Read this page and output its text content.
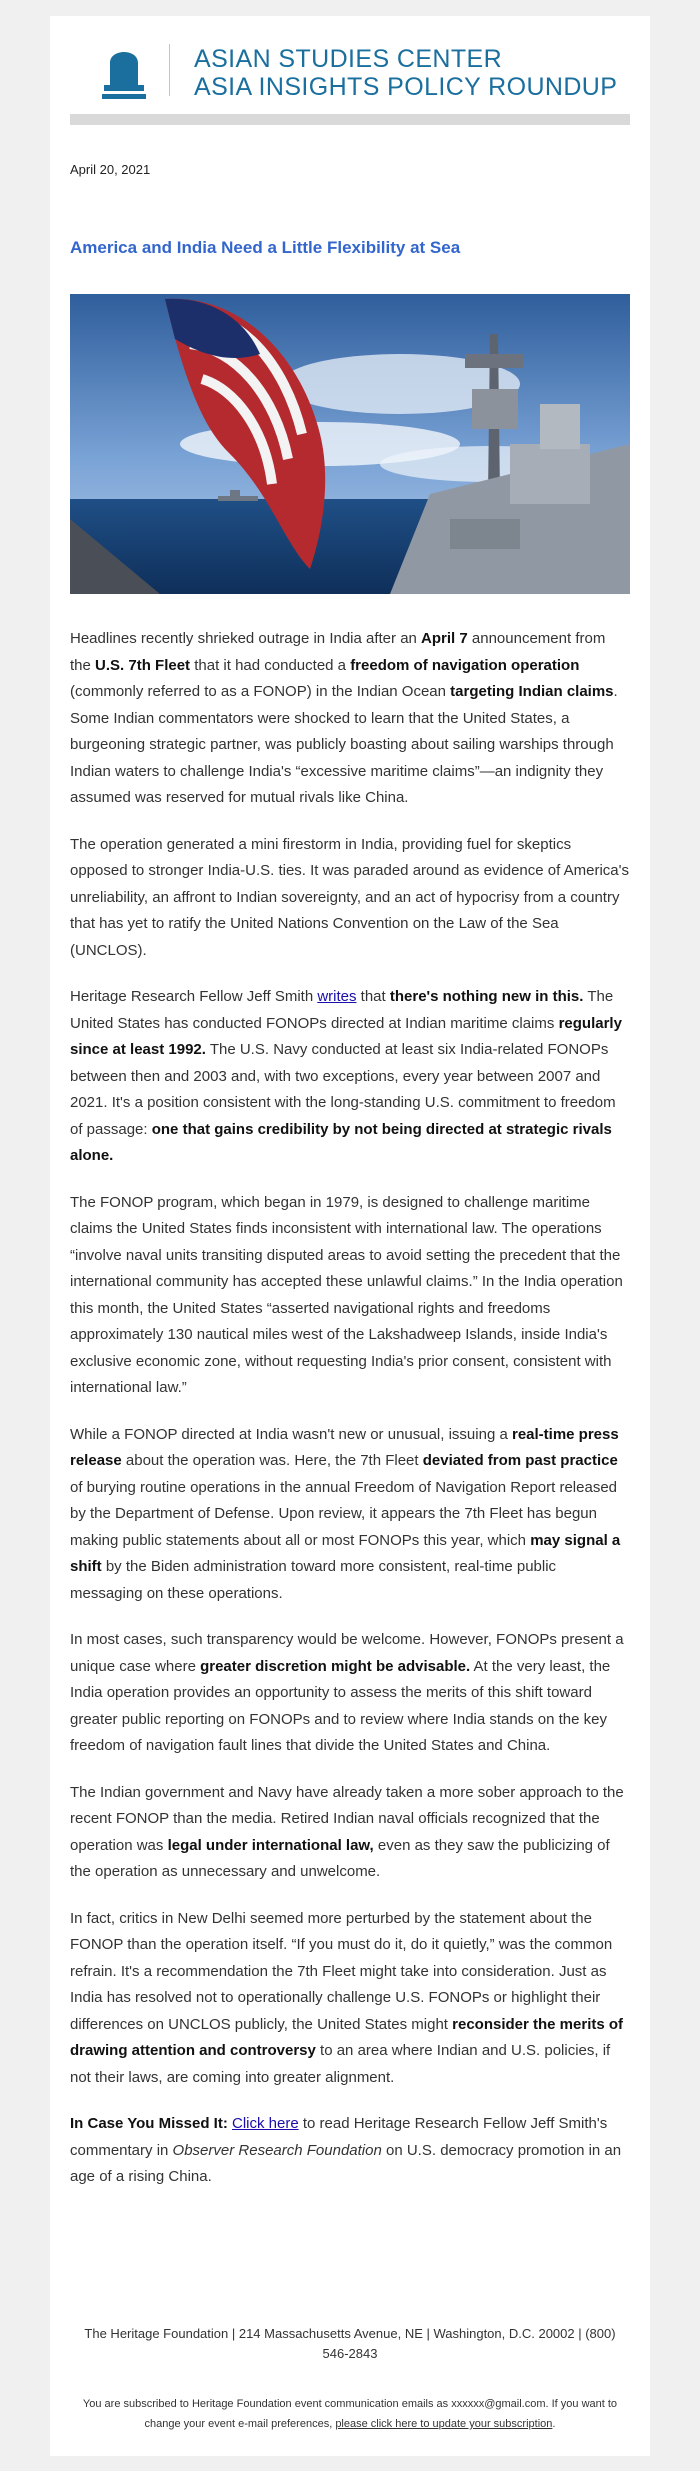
ASIAN STUDIES CENTER
ASIA INSIGHTS POLICY ROUNDUP
April 20, 2021
America and India Need a Little Flexibility at Sea

Headlines recently shrieked outrage in India after an April 7 announcement from the U.S. 7th Fleet that it had conducted a freedom of navigation operation (commonly referred to as a FONOP) in the Indian Ocean targeting Indian claims. Some Indian commentators were shocked to learn that the United States, a burgeoning strategic partner, was publicly boasting about sailing warships through Indian waters to challenge India's “excessive maritime claims”—an indignity they assumed was reserved for mutual rivals like China.

The operation generated a mini firestorm in India, providing fuel for skeptics opposed to stronger India-U.S. ties. It was paraded around as evidence of America's unreliability, an affront to Indian sovereignty, and an act of hypocrisy from a country that has yet to ratify the United Nations Convention on the Law of the Sea (UNCLOS).

Heritage Research Fellow Jeff Smith writes that there's nothing new in this. The United States has conducted FONOPs directed at Indian maritime claims regularly since at least 1992. The U.S. Navy conducted at least six India-related FONOPs between then and 2003 and, with two exceptions, every year between 2007 and 2021. It's a position consistent with the long-standing U.S. commitment to freedom of passage: one that gains credibility by not being directed at strategic rivals alone.

The FONOP program, which began in 1979, is designed to challenge maritime claims the United States finds inconsistent with international law. The operations “involve naval units transiting disputed areas to avoid setting the precedent that the international community has accepted these unlawful claims.” In the India operation this month, the United States “asserted navigational rights and freedoms approximately 130 nautical miles west of the Lakshadweep Islands, inside India's exclusive economic zone, without requesting India's prior consent, consistent with international law.”

While a FONOP directed at India wasn't new or unusual, issuing a real-time press release about the operation was. Here, the 7th Fleet deviated from past practice of burying routine operations in the annual Freedom of Navigation Report released by the Department of Defense. Upon review, it appears the 7th Fleet has begun making public statements about all or most FONOPs this year, which may signal a shift by the Biden administration toward more consistent, real-time public messaging on these operations.

In most cases, such transparency would be welcome. However, FONOPs present a unique case where greater discretion might be advisable. At the very least, the India operation provides an opportunity to assess the merits of this shift toward greater public reporting on FONOPs and to review where India stands on the key freedom of navigation fault lines that divide the United States and China.

The Indian government and Navy have already taken a more sober approach to the recent FONOP than the media. Retired Indian naval officials recognized that the operation was legal under international law, even as they saw the publicizing of the operation as unnecessary and unwelcome.

In fact, critics in New Delhi seemed more perturbed by the statement about the FONOP than the operation itself. “If you must do it, do it quietly,” was the common refrain. It's a recommendation the 7th Fleet might take into consideration. Just as India has resolved not to operationally challenge U.S. FONOPs or highlight their differences on UNCLOS publicly, the United States might reconsider the merits of drawing attention and controversy to an area where Indian and U.S. policies, if not their laws, are coming into greater alignment.

In Case You Missed It: Click here to read Heritage Research Fellow Jeff Smith's commentary in Observer Research Foundation on U.S. democracy promotion in an age of a rising China.

The Heritage Foundation | 214 Massachusetts Avenue, NE | Washington, D.C. 20002 | (800) 546-2843
You are subscribed to Heritage Foundation event communication emails as xxxxxx@gmail.com. If you want to change your event e-mail preferences, please click here to update your subscription.
